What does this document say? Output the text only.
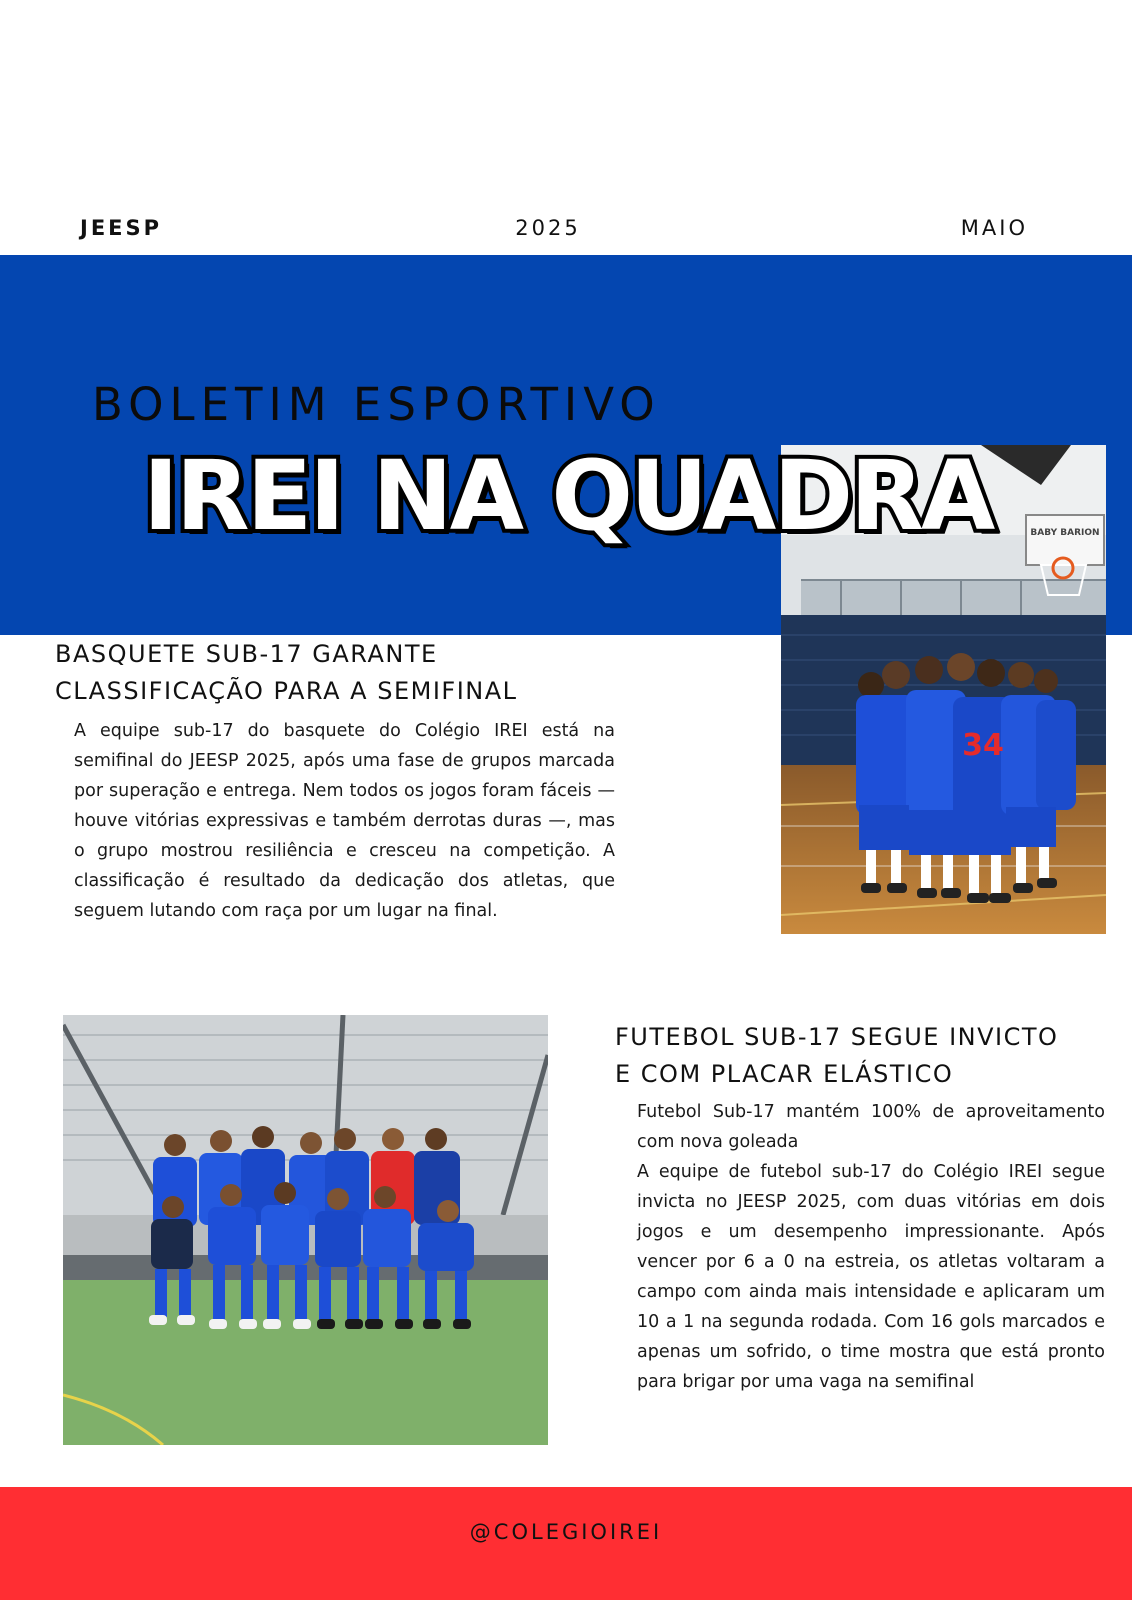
JEESP	2025	MAIO
BOLETIM ESPORTIVO
BABY BARION
34
IREI NA QUADRA
BASQUETE SUB-17 GARANTE
CLASSIFICAÇÃO PARA A SEMIFINAL

A equipe sub-17 do basquete do Colégio IREI está na semifinal do JEESP 2025, após uma fase de grupos marcada por superação e entrega. Nem todos os jogos foram fáceis — houve vitórias expressivas e também derrotas duras —, mas o grupo mostrou resiliência e cresceu na competição. A classificação é resultado da dedicação dos atletas, que seguem lutando com raça por um lugar na final.

FUTEBOL SUB-17 SEGUE INVICTO
E COM PLACAR ELÁSTICO

Futebol Sub-17 mantém 100% de aproveitamento com nova goleada

A equipe de futebol sub-17 do Colégio IREI segue invicta no JEESP 2025, com duas vitórias em dois jogos e um desempenho impressionante. Após vencer por 6 a 0 na estreia, os atletas voltaram a campo com ainda mais intensidade e aplicaram um 10 a 1 na segunda rodada. Com 16 gols marcados e apenas um sofrido, o time mostra que está pronto para brigar por uma vaga na semifinal

@COLEGIOIREI
